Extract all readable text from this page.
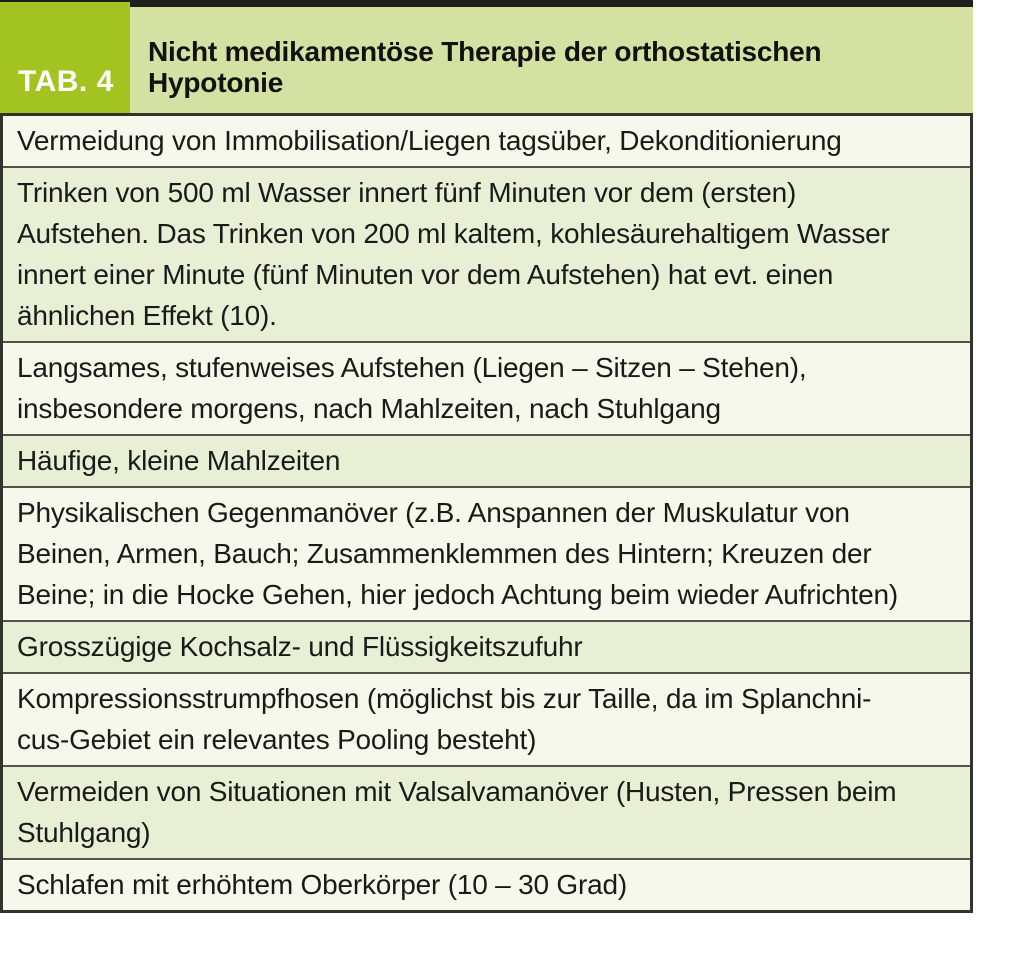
TAB. 4
Nicht medikamentöse Therapie der orthostatischen Hypotonie
Vermeidung von Immobilisation/Liegen tagsüber, Dekonditionierung
Trinken von 500 ml Wasser innert fünf Minuten vor dem (ersten)
Aufstehen. Das Trinken von 200 ml kaltem, kohlesäurehaltigem Wasser
innert einer Minute (fünf Minuten vor dem Aufstehen) hat evt. einen
ähnlichen Effekt (10).
Langsames, stufenweises Aufstehen (Liegen – Sitzen – Stehen),
insbesondere morgens, nach Mahlzeiten, nach Stuhlgang
Häufige, kleine Mahlzeiten
Physikalischen Gegenmanöver (z.B. Anspannen der Muskulatur von
Beinen, Armen, Bauch; Zusammenklemmen des Hintern; Kreuzen der
Beine; in die Hocke Gehen, hier jedoch Achtung beim wieder Aufrichten)
Grosszügige Kochsalz- und Flüssigkeitszufuhr
Kompressionsstrumpfhosen (möglichst bis zur Taille, da im Splanchni-
cus-Gebiet ein relevantes Pooling besteht)
Vermeiden von Situationen mit Valsalvamanöver (Husten, Pressen beim
Stuhlgang)
Schlafen mit erhöhtem Oberkörper (10 – 30 Grad)
